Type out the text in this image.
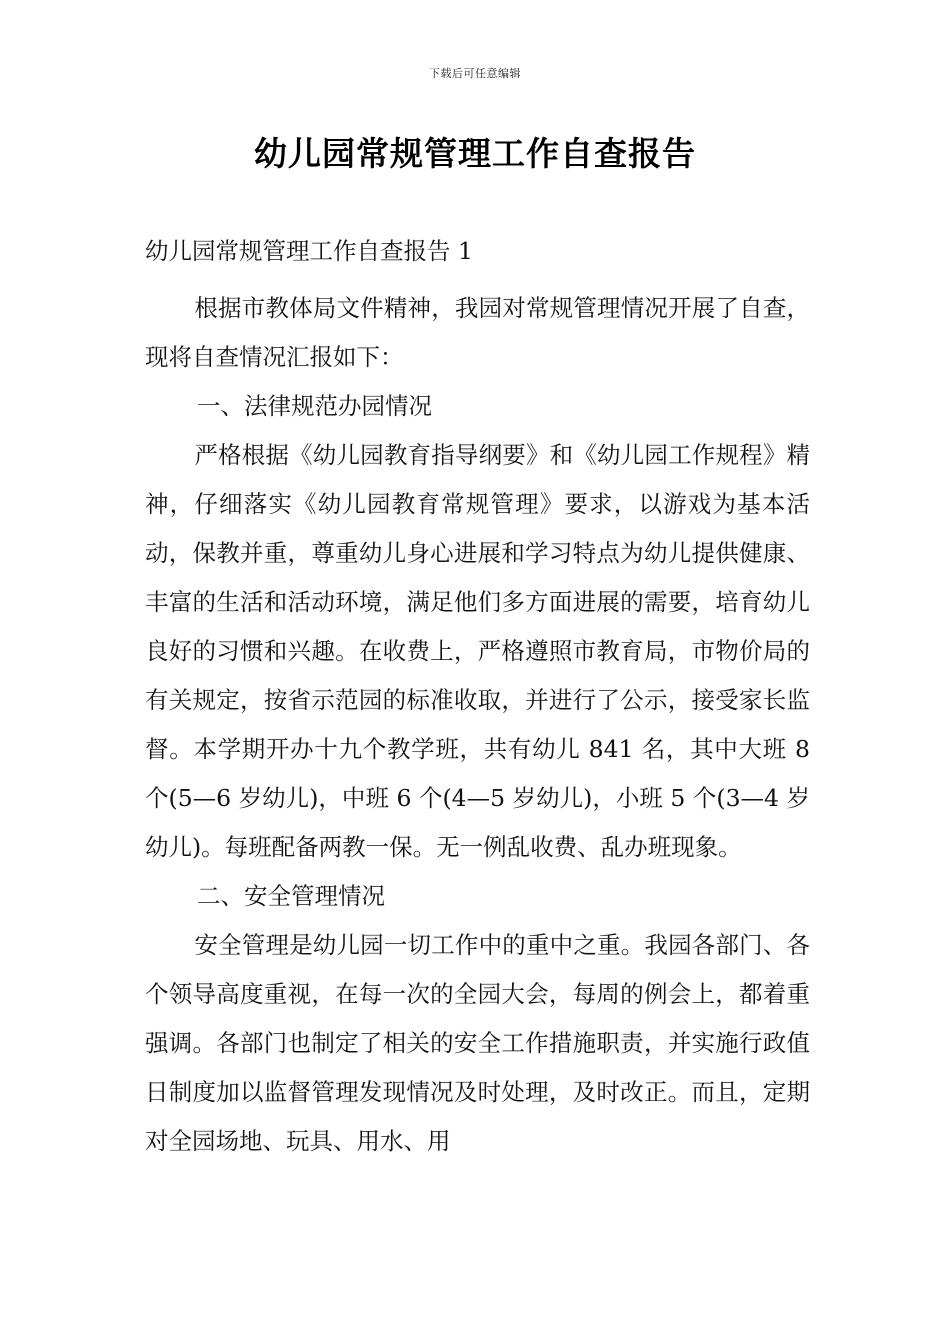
下载后可任意编辑
幼儿园常规管理工作自查报告

幼儿园常规管理工作自查报告 1

根据市教体局文件精神，我园对常规管理情况开展了自查，现将自查情况汇报如下：

一、法律规范办园情况

严格根据《幼儿园教育指导纲要》和《幼儿园工作规程》精神，仔细落实《幼儿园教育常规管理》要求，以游戏为基本活动，保教并重，尊重幼儿身心进展和学习特点为幼儿提供健康、丰富的生活和活动环境，满足他们多方面进展的需要，培育幼儿良好的习惯和兴趣。在收费上，严格遵照市教育局，市物价局的有关规定，按省示范园的标准收取，并进行了公示，接受家长监督。本学期开办十九个教学班，共有幼儿 841 名，其中大班 8 个(5—6 岁幼儿)，中班 6 个(4—5 岁幼儿)，小班 5 个(3—4 岁幼儿)。每班配备两教一保。无一例乱收费、乱办班现象。

二、安全管理情况

安全管理是幼儿园一切工作中的重中之重。我园各部门、各个领导高度重视，在每一次的全园大会，每周的例会上，都着重强调。各部门也制定了相关的安全工作措施职责，并实施行政值日制度加以监督管理发现情况及时处理，及时改正。而且，定期对全园场地、玩具、用水、用
